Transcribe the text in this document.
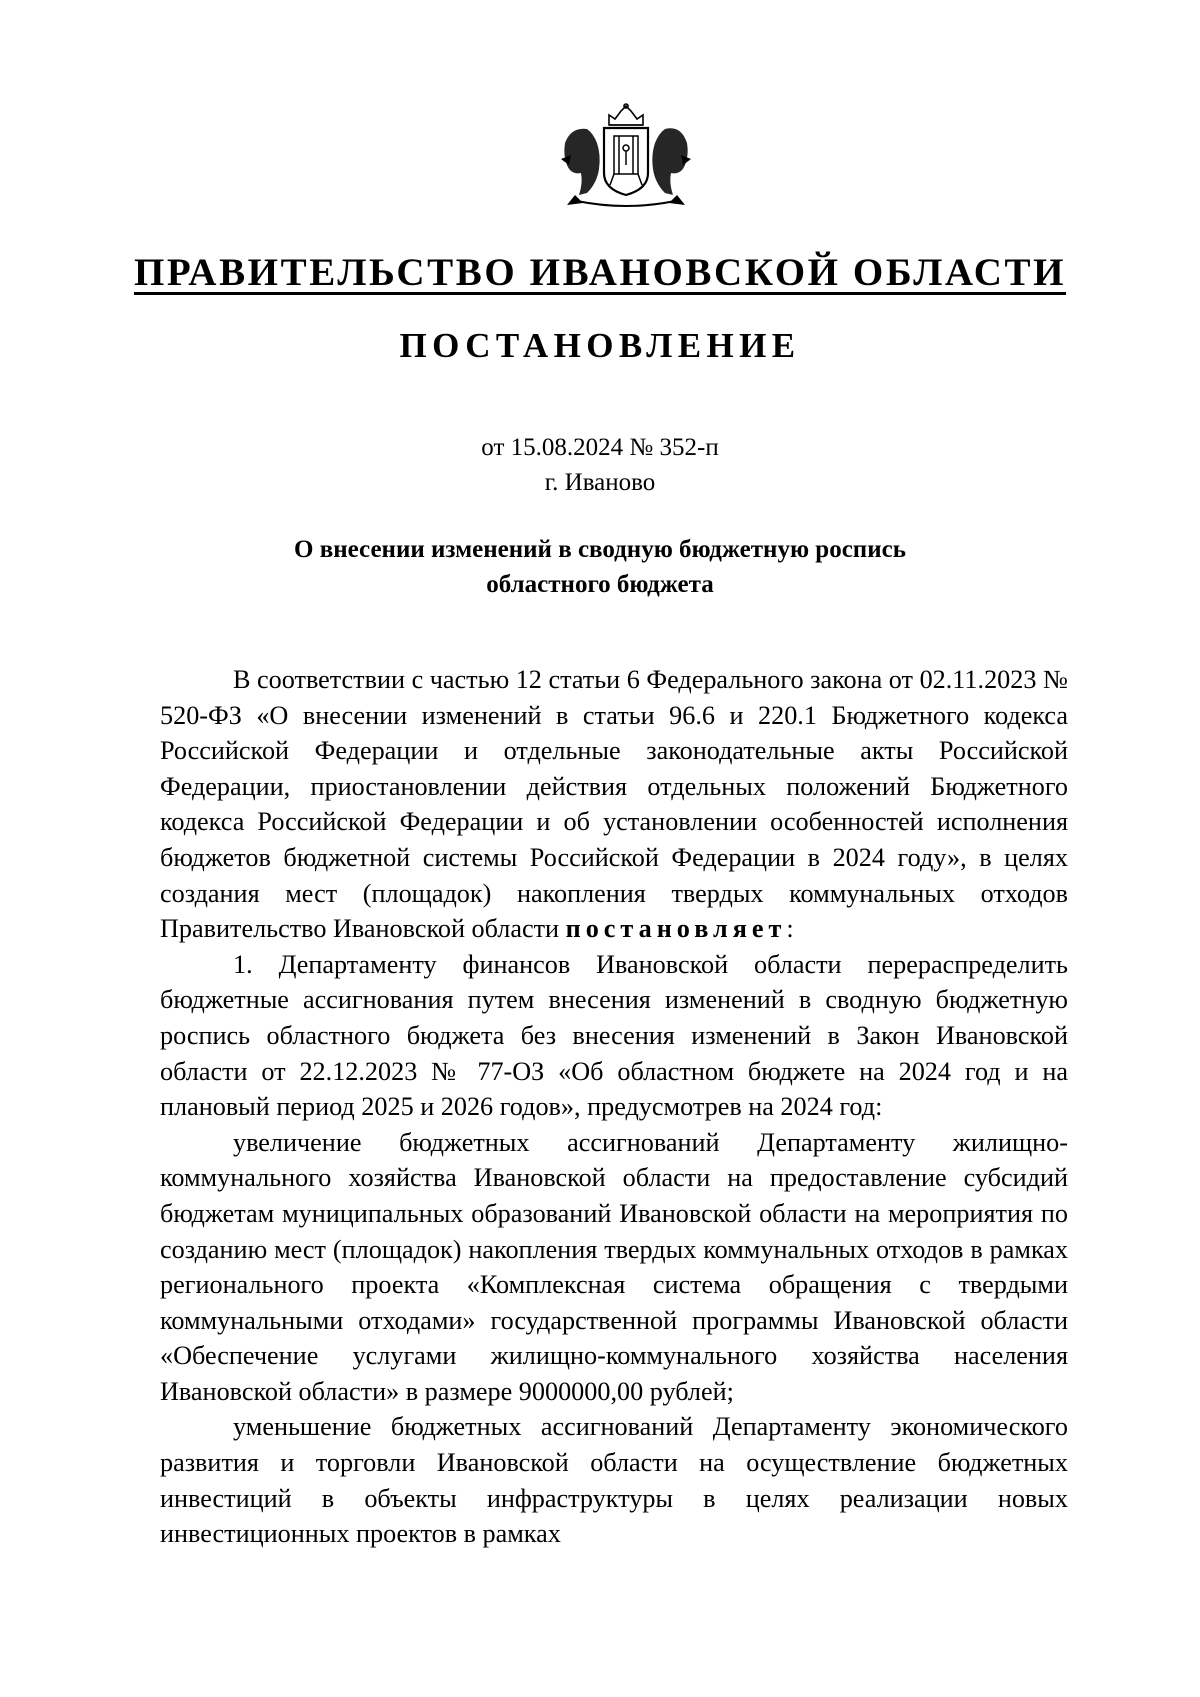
ПРАВИТЕЛЬСТВО ИВАНОВСКОЙ ОБЛАСТИ
ПОСТАНОВЛЕНИЕ
от 15.08.2024 № 352-п
г. Иваново
О внесении изменений в сводную бюджетную роспись
областного бюджета

В соответствии с частью 12 статьи 6 Федерального закона от 02.11.2023 № 520-ФЗ «О внесении изменений в статьи 96.6 и 220.1 Бюджетного кодекса Российской Федерации и отдельные законодательные акты Российской Федерации, приостановлении действия отдельных положений Бюджетного кодекса Российской Федерации и об установлении особенностей исполнения бюджетов бюджетной системы Российской Федерации в 2024 году», в целях создания мест (площадок) накопления твердых коммунальных отходов Правительство Ивановской области постановляет:

1. Департаменту финансов Ивановской области перераспределить бюджетные ассигнования путем внесения изменений в сводную бюджетную роспись областного бюджета без внесения изменений в Закон Ивановской области от 22.12.2023 № 77-ОЗ «Об областном бюджете на 2024 год и на плановый период 2025 и 2026 годов», предусмотрев на 2024 год:

увеличение бюджетных ассигнований Департаменту жилищно-коммунального хозяйства Ивановской области на предоставление субсидий бюджетам муниципальных образований Ивановской области на мероприятия по созданию мест (площадок) накопления твердых коммунальных отходов в рамках регионального проекта «Комплексная система обращения с твердыми коммунальными отходами» государственной программы Ивановской области «Обеспечение услугами жилищно-коммунального хозяйства населения Ивановской области» в размере 9000000,00 рублей;

уменьшение бюджетных ассигнований Департаменту экономического развития и торговли Ивановской области на осуществление бюджетных инвестиций в объекты инфраструктуры в целях реализации новых инвестиционных проектов в рамках
